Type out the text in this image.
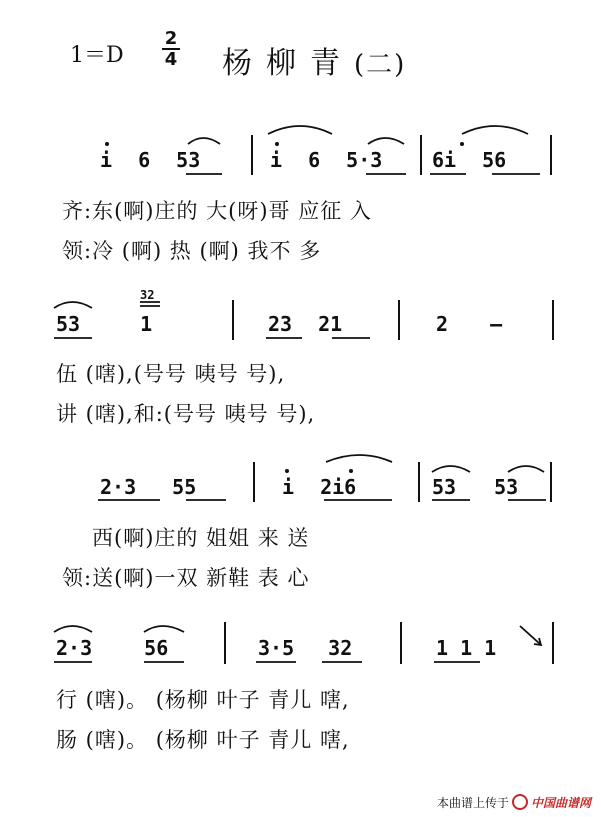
1＝D
2
4 杨柳青(二)
i 6 53	i 6 5·3 6i 56
齐:东(啊)庄的 大(呀)哥 应征 入
领:冷 (啊) 热 (啊) 我不 多
32
53 1	23 21	2 —
伍 (嗐),(号号 咦号 号),
讲 (嗐),和:(号号 咦号 号),
2·3 55	i 2i6	53 53
西(啊)庄的 姐姐 来 送
领:送(啊)一双 新鞋 表 心
2·3 56	3·5 32	1 1 1
行 (嗐)。 (杨柳 叶子 青儿 嗐,
肠 (嗐)。 (杨柳 叶子 青儿 嗐,
本曲谱上传于 中国曲谱网
